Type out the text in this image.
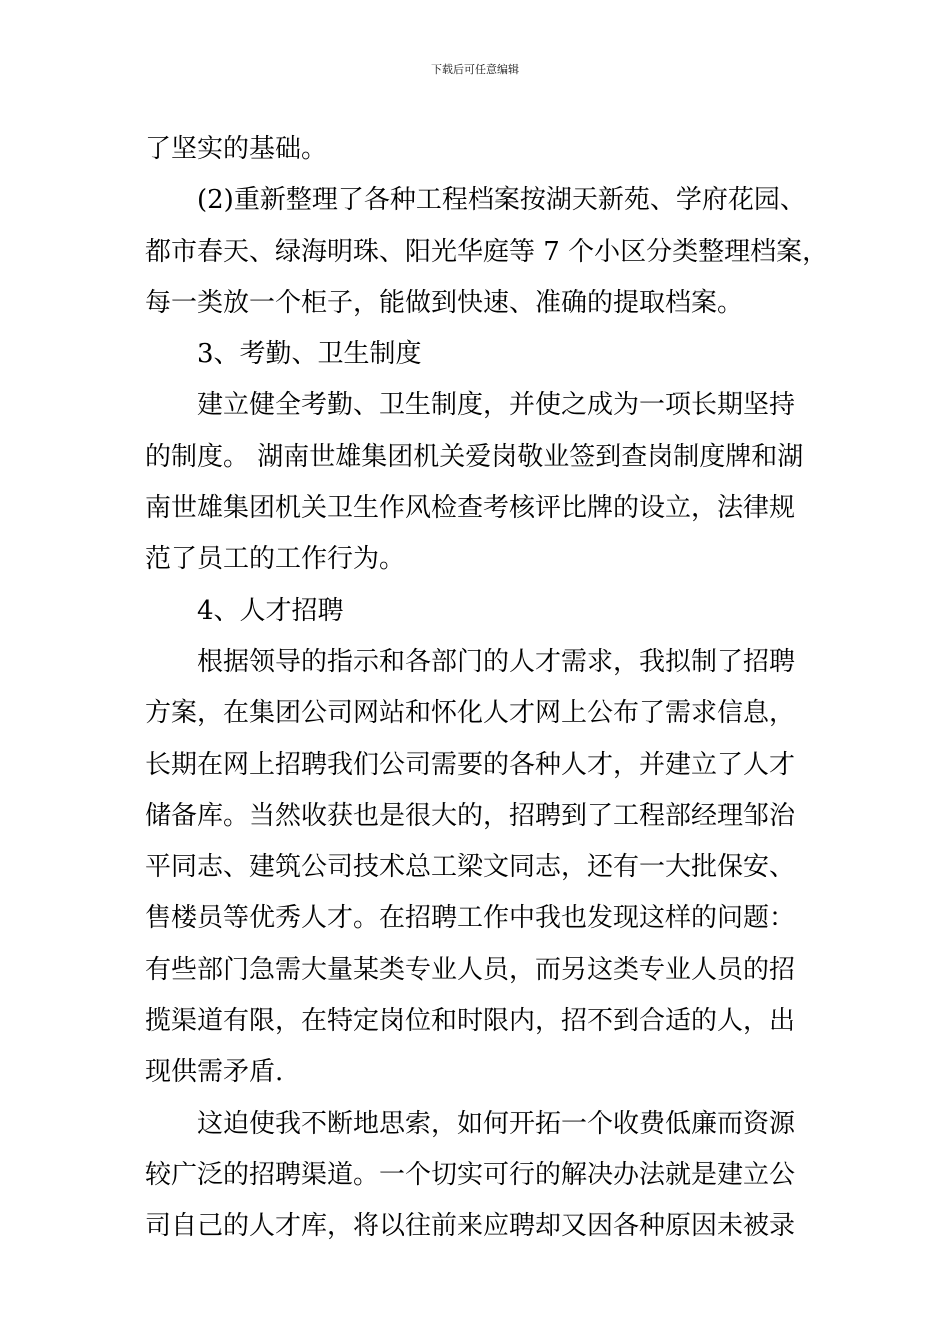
下载后可任意编辑
了坚实的基础。
(2)重新整理了各种工程档案按湖天新苑、学府花园、
都市春天、绿海明珠、阳光华庭等 7 个小区分类整理档案，
每一类放一个柜子，能做到快速、准确的提取档案。
3、考勤、卫生制度
建立健全考勤、卫生制度，并使之成为一项长期坚持
的制度。 湖南世雄集团机关爱岗敬业签到查岗制度牌和湖
南世雄集团机关卫生作风检查考核评比牌的设立，法律规
范了员工的工作行为。
4、人才招聘
根据领导的指示和各部门的人才需求，我拟制了招聘
方案，在集团公司网站和怀化人才网上公布了需求信息，
长期在网上招聘我们公司需要的各种人才，并建立了人才
储备库。当然收获也是很大的，招聘到了工程部经理邹治
平同志、建筑公司技术总工梁文同志，还有一大批保安、
售楼员等优秀人才。在招聘工作中我也发现这样的问题：
有些部门急需大量某类专业人员，而另这类专业人员的招
揽渠道有限，在特定岗位和时限内，招不到合适的人，出
现供需矛盾.
这迫使我不断地思索，如何开拓一个收费低廉而资源
较广泛的招聘渠道。一个切实可行的解决办法就是建立公
司自己的人才库，将以往前来应聘却又因各种原因未被录
